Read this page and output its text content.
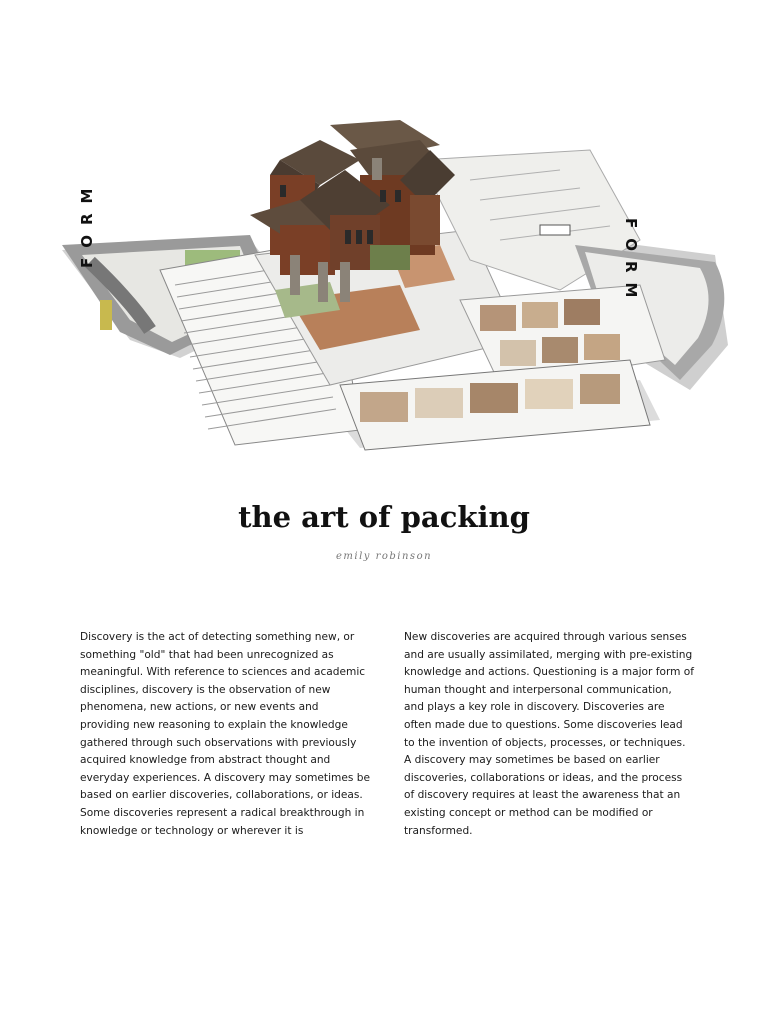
FORM	FORM
the art of packing
emily robinson
Discovery is the act of detecting something new, or something "old" that had been unrecognized as meaningful. With reference to sciences and academic disciplines, discovery is the observation of new phenomena, new actions, or new events and providing new reasoning to explain the knowledge gathered through such observations with previously acquired knowledge from abstract thought and everyday experiences. A discovery may sometimes be based on earlier discoveries, collaborations, or ideas. Some discoveries represent a radical breakthrough in knowledge or technology or wherever it is
New discoveries are acquired through various senses and are usually assimilated, merging with pre-existing knowledge and actions. Questioning is a major form of human thought and interpersonal communication, and plays a key role in discovery. Discoveries are often made due to questions. Some discoveries lead to the invention of objects, processes, or techniques. A discovery may sometimes be based on earlier discoveries, collaborations or ideas, and the process of discovery requires at least the awareness that an existing concept or method can be modified or transformed.
